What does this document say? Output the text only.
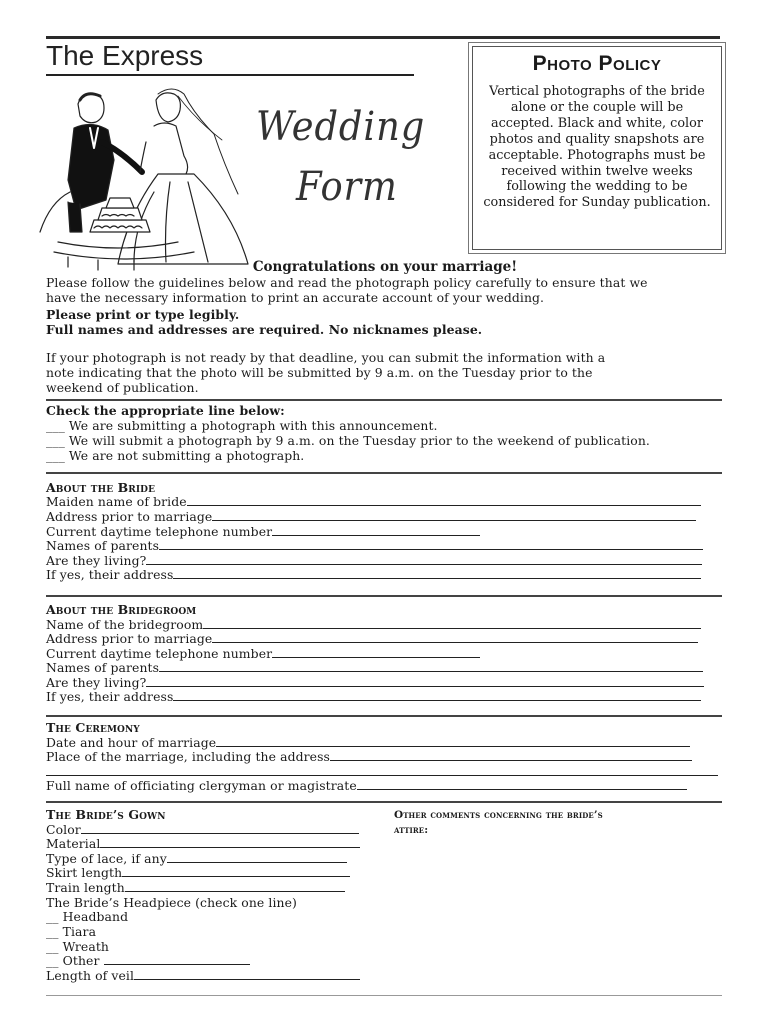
The Express
Wedding
Form
Photo Policy
Vertical photographs of the bride alone or the couple will be accepted. Black and white, color photos and quality snapshots are acceptable. Photographs must be received within twelve weeks following the wedding to be considered for Sunday publication.
Congratulations on your marriage!
Please follow the guidelines below and read the photograph policy carefully to ensure that we
have the necessary information to print an accurate account of your wedding.
Please print or type legibly.
Full names and addresses are required. No nicknames please.
If your photograph is not ready by that deadline, you can submit the information with a
note indicating that the photo will be submitted by 9 a.m. on the Tuesday prior to the
weekend of publication.
Check the appropriate line below:
___ We are submitting a photograph with this announcement.
___ We will submit a photograph by 9 a.m. on the Tuesday prior to the weekend of publication.
___ We are not submitting a photograph.
About the Bride
Maiden name of bride
Address prior to marriage
Current daytime telephone number
Names of parents
Are they living?
If yes, their address
About the Bridegroom
Name of the bridegroom
Address prior to marriage
Current daytime telephone number
Names of parents
Are they living?
If yes, their address
The Ceremony
Date and hour of marriage
Place of the marriage, including the address
Full name of officiating clergyman or magistrate
The Bride’s Gown
Color
Material
Type of lace, if any
Skirt length
Train length
The Bride’s Headpiece (check one line)
__ Headband
__ Tiara
__ Wreath
__ Other
Length of veil
Other comments concerning the bride’s
attire:
